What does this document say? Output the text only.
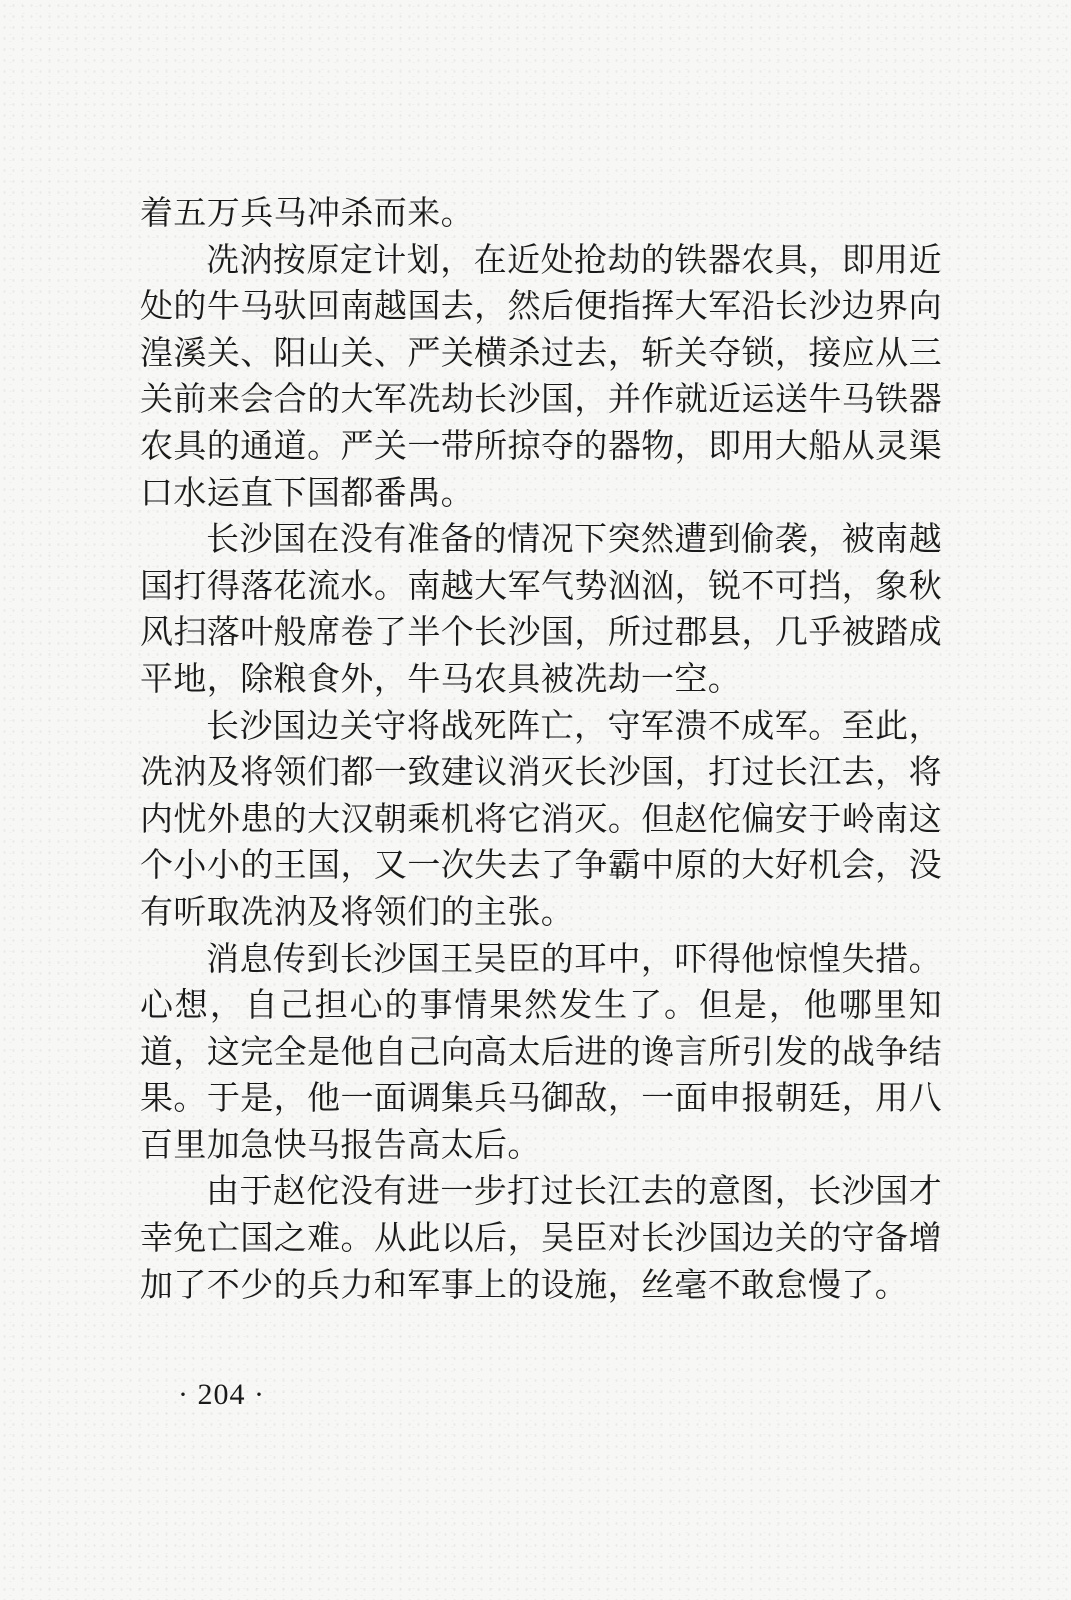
着五万兵马冲杀而来。

冼汭按原定计划，在近处抢劫的铁器农具，即用近处的牛马驮回南越国去，然后便指挥大军沿长沙边界向湟溪关、阳山关、严关横杀过去，斩关夺锁，接应从三关前来会合的大军冼劫长沙国，并作就近运送牛马铁器农具的通道。严关一带所掠夺的器物，即用大船从灵渠口水运直下国都番禺。

长沙国在没有准备的情况下突然遭到偷袭，被南越国打得落花流水。南越大军气势汹汹，锐不可挡，象秋风扫落叶般席卷了半个长沙国，所过郡县，几乎被踏成平地，除粮食外，牛马农具被冼劫一空。

长沙国边关守将战死阵亡，守军溃不成军。至此，冼汭及将领们都一致建议消灭长沙国，打过长江去，将内忧外患的大汉朝乘机将它消灭。但赵佗偏安于岭南这个小小的王国，又一次失去了争霸中原的大好机会，没有听取冼汭及将领们的主张。

消息传到长沙国王吴臣的耳中，吓得他惊惶失措。心想，自己担心的事情果然发生了。但是，他哪里知道，这完全是他自己向高太后进的谗言所引发的战争结果。于是，他一面调集兵马御敌，一面申报朝廷，用八百里加急快马报告高太后。

由于赵佗没有进一步打过长江去的意图，长沙国才幸免亡国之难。从此以后，吴臣对长沙国边关的守备增加了不少的兵力和军事上的设施，丝毫不敢怠慢了。

· 204 ·
